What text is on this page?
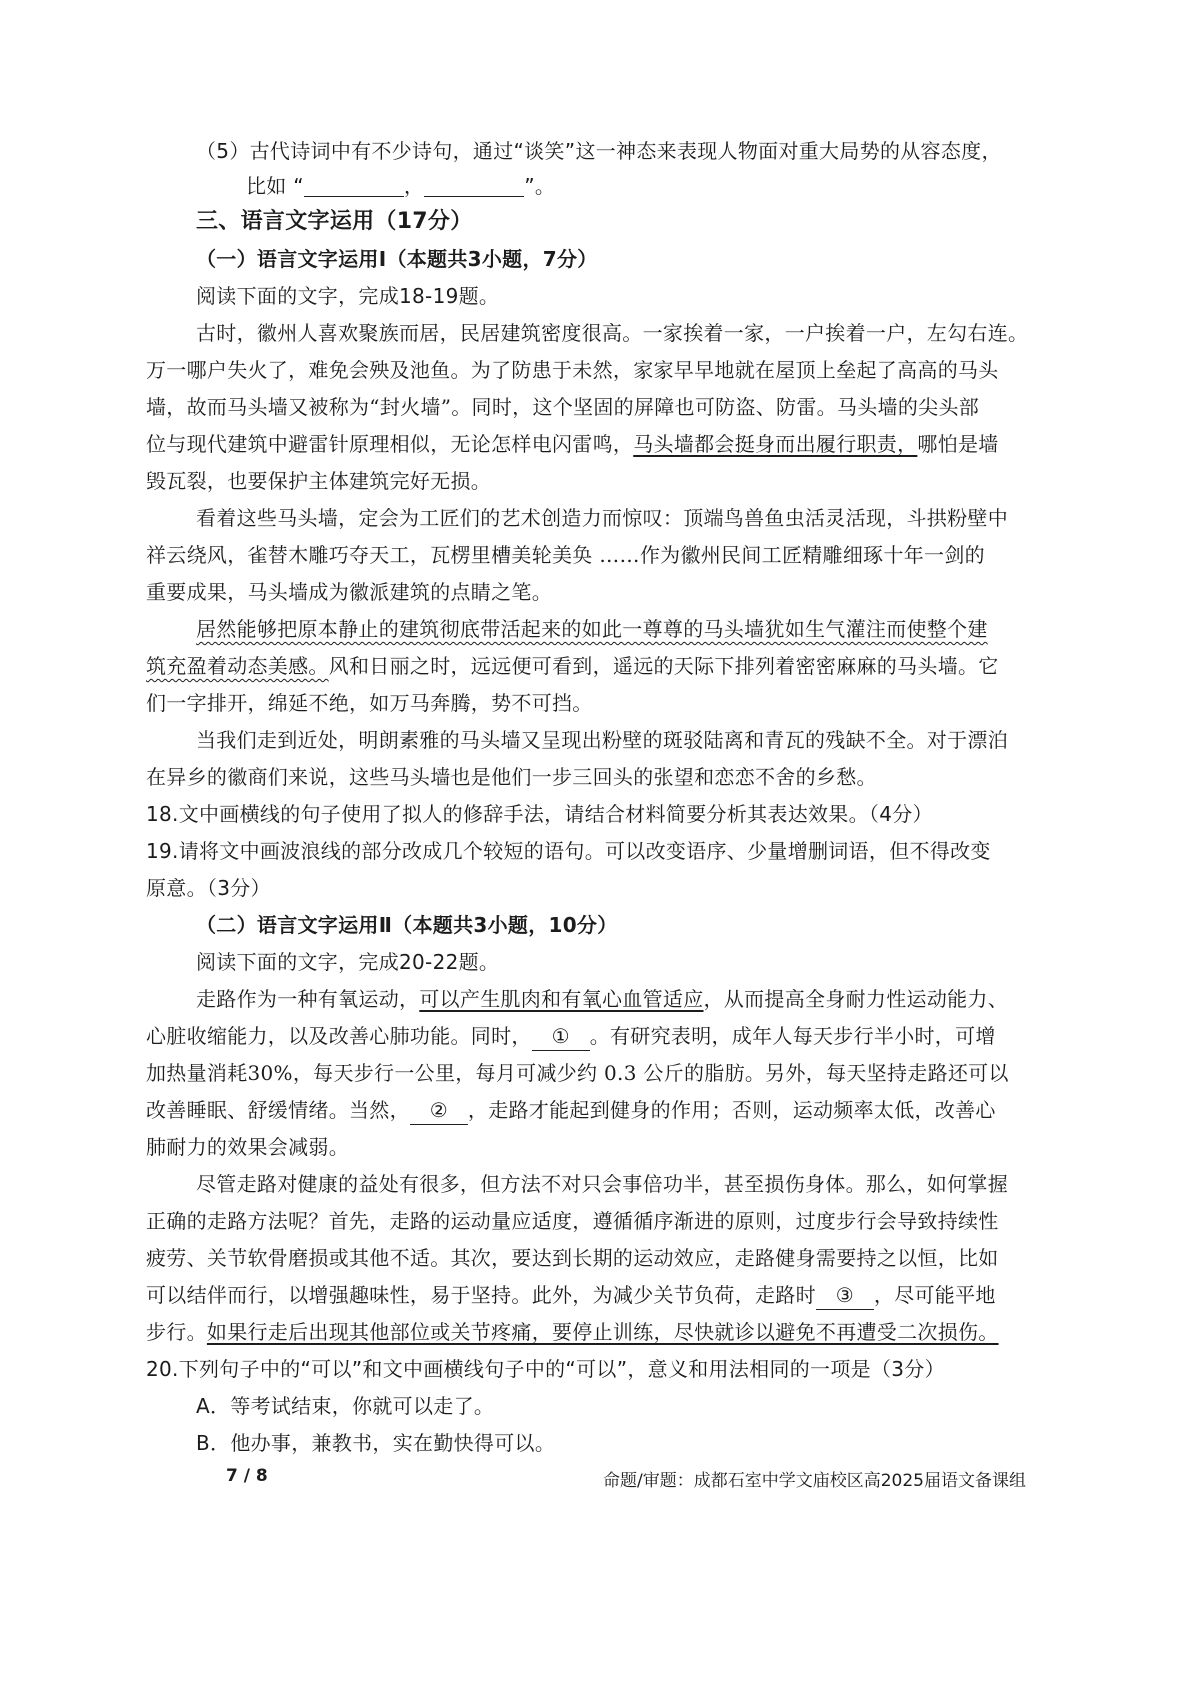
（5）古代诗词中有不少诗句，通过“谈笑”这一神态来表现人物面对重大局势的从容态度，
比如 “	，	”。
三、语言文字运用（17分）
（一）语言文字运用Ⅰ（本题共3小题，7分）
阅读下面的文字，完成18-19题。
古时，徽州人喜欢聚族而居，民居建筑密度很高。一家挨着一家，一户挨着一户，左勾右连。
万一哪户失火了，难免会殃及池鱼。为了防患于未然，家家早早地就在屋顶上垒起了高高的马头
墙，故而马头墙又被称为“封火墙”。同时，这个坚固的屏障也可防盗、防雷。马头墙的尖头部
位与现代建筑中避雷针原理相似，无论怎样电闪雷鸣，马头墙都会挺身而出履行职责，哪怕是墙
毁瓦裂，也要保护主体建筑完好无损。
看着这些马头墙，定会为工匠们的艺术创造力而惊叹：顶端鸟兽鱼虫活灵活现，斗拱粉壁中
祥云绕风，雀替木雕巧夺天工，瓦楞里槽美轮美奂 ……作为徽州民间工匠精雕细琢十年一剑的
重要成果，马头墙成为徽派建筑的点睛之笔。
居然能够把原本静止的建筑彻底带活起来的如此一尊尊的马头墙犹如生气灌注而使整个建
筑充盈着动态美感。风和日丽之时，远远便可看到，遥远的天际下排列着密密麻麻的马头墙。它
们一字排开，绵延不绝，如万马奔腾，势不可挡。
当我们走到近处，明朗素雅的马头墙又呈现出粉壁的斑驳陆离和青瓦的残缺不全。对于漂泊
在异乡的徽商们来说，这些马头墙也是他们一步三回头的张望和恋恋不舍的乡愁。
18.文中画横线的句子使用了拟人的修辞手法，请结合材料简要分析其表达效果。（4分）
19.请将文中画波浪线的部分改成几个较短的语句。可以改变语序、少量增删词语，但不得改变
原意。（3分）
（二）语言文字运用Ⅱ（本题共3小题，10分）
阅读下面的文字，完成20-22题。
走路作为一种有氧运动，可以产生肌肉和有氧心血管适应，从而提高全身耐力性运动能力、
心脏收缩能力，以及改善心肺功能。同时， ① 。有研究表明，成年人每天步行半小时，可增
加热量消耗30%，每天步行一公里，每月可减少约 0.3 公斤的脂肪。另外，每天坚持走路还可以
改善睡眠、舒缓情绪。当然， ② ，走路才能起到健身的作用；否则，运动频率太低，改善心
肺耐力的效果会减弱。
尽管走路对健康的益处有很多，但方法不对只会事倍功半，甚至损伤身体。那么，如何掌握
正确的走路方法呢？首先，走路的运动量应适度，遵循循序渐进的原则，过度步行会导致持续性
疲劳、关节软骨磨损或其他不适。其次，要达到长期的运动效应，走路健身需要持之以恒，比如
可以结伴而行，以增强趣味性，易于坚持。此外，为减少关节负荷，走路时 ③ ，尽可能平地
步行。如果行走后出现其他部位或关节疼痛，要停止训练，尽快就诊以避免不再遭受二次损伤。
20.下列句子中的“可以”和文中画横线句子中的“可以”，意义和用法相同的一项是（3分）
A．等考试结束，你就可以走了。
B．他办事，兼教书，实在勤快得可以。
7 / 8	命题/审题：成都石室中学文庙校区高2025届语文备课组
